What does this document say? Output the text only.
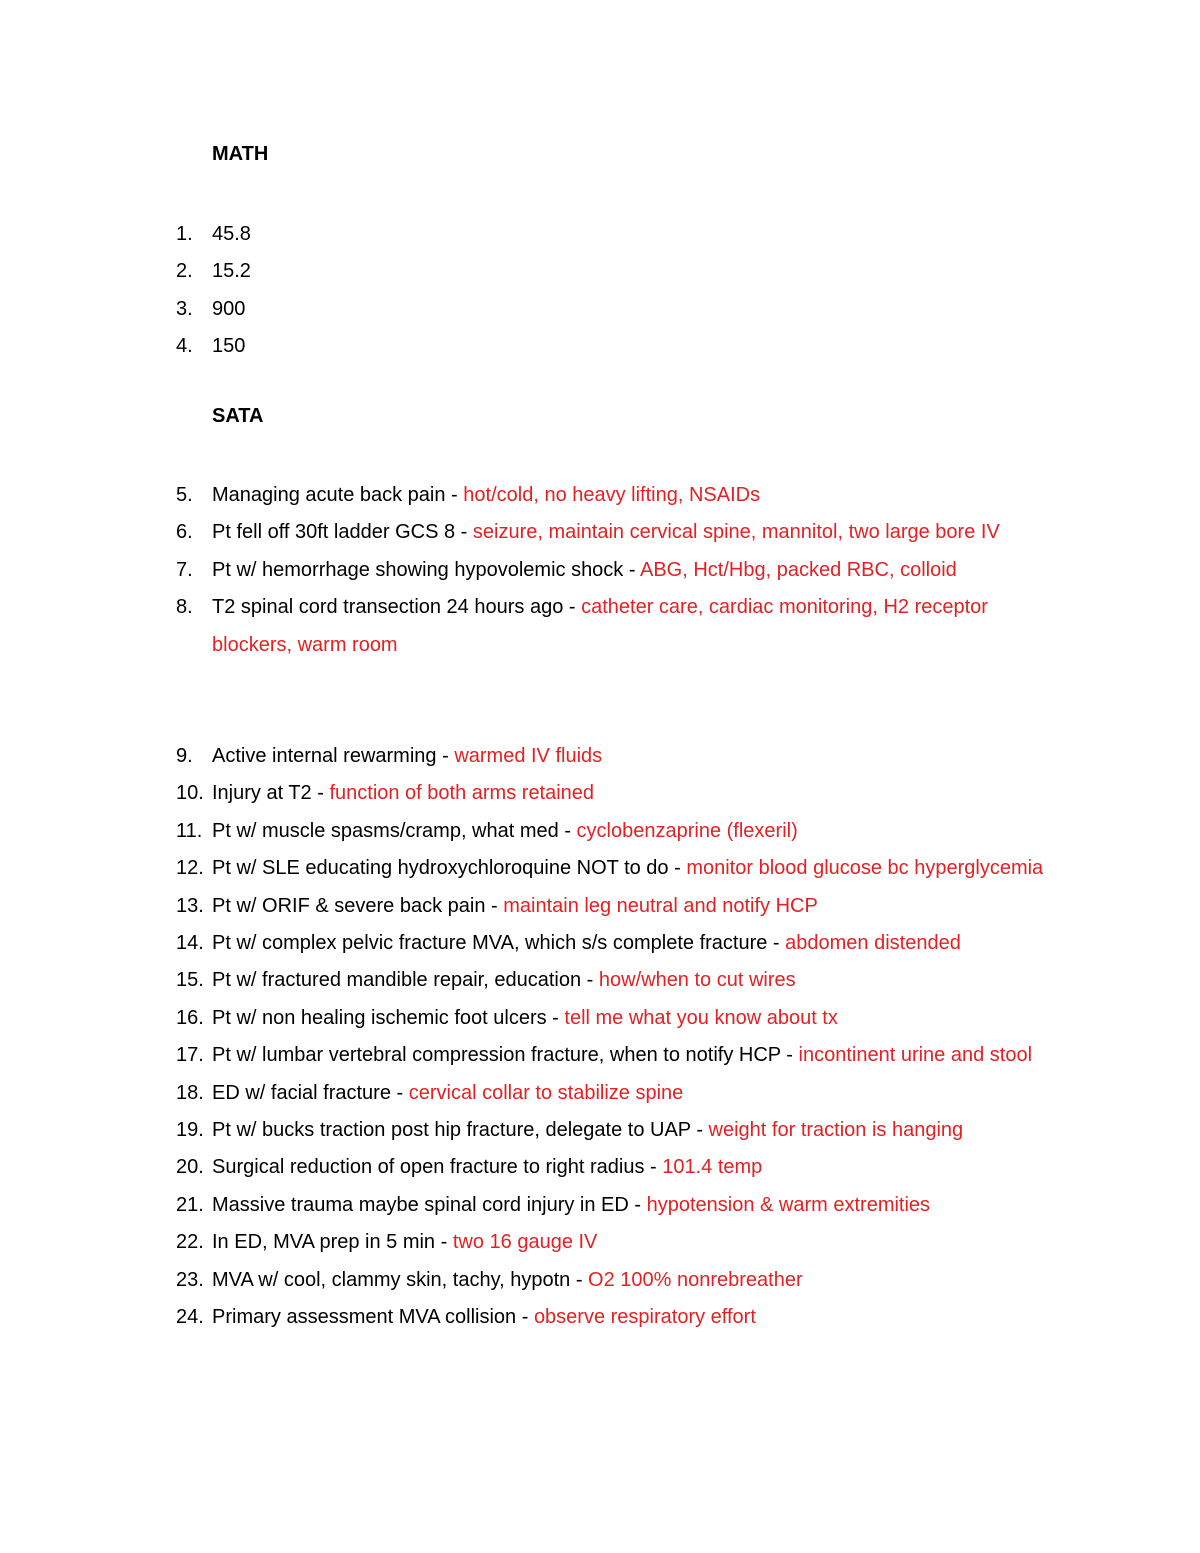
MATH
1. 45.8
2. 15.2
3. 900
4. 150
SATA
5. Managing acute back pain - hot/cold, no heavy lifting, NSAIDs
6. Pt fell off 30ft ladder GCS 8 - seizure, maintain cervical spine, mannitol, two large bore IV
7. Pt w/ hemorrhage showing hypovolemic shock - ABG, Hct/Hbg, packed RBC, colloid
8. T2 spinal cord transection 24 hours ago - catheter care, cardiac monitoring, H2 receptor blockers, warm room
9. Active internal rewarming - warmed IV fluids
10. Injury at T2 - function of both arms retained
11. Pt w/ muscle spasms/cramp, what med - cyclobenzaprine (flexeril)
12. Pt w/ SLE educating hydroxychloroquine NOT to do - monitor blood glucose bc hyperglycemia
13. Pt w/ ORIF & severe back pain - maintain leg neutral and notify HCP
14. Pt w/ complex pelvic fracture MVA, which s/s complete fracture - abdomen distended
15. Pt w/ fractured mandible repair, education - how/when to cut wires
16. Pt w/ non healing ischemic foot ulcers - tell me what you know about tx
17. Pt w/ lumbar vertebral compression fracture, when to notify HCP - incontinent urine and stool
18. ED w/ facial fracture - cervical collar to stabilize spine
19. Pt w/ bucks traction post hip fracture, delegate to UAP - weight for traction is hanging
20. Surgical reduction of open fracture to right radius - 101.4 temp
21. Massive trauma maybe spinal cord injury in ED - hypotension & warm extremities
22. In ED, MVA prep in 5 min - two 16 gauge IV
23. MVA w/ cool, clammy skin, tachy, hypotn - O2 100% nonrebreather
24. Primary assessment MVA collision - observe respiratory effort
